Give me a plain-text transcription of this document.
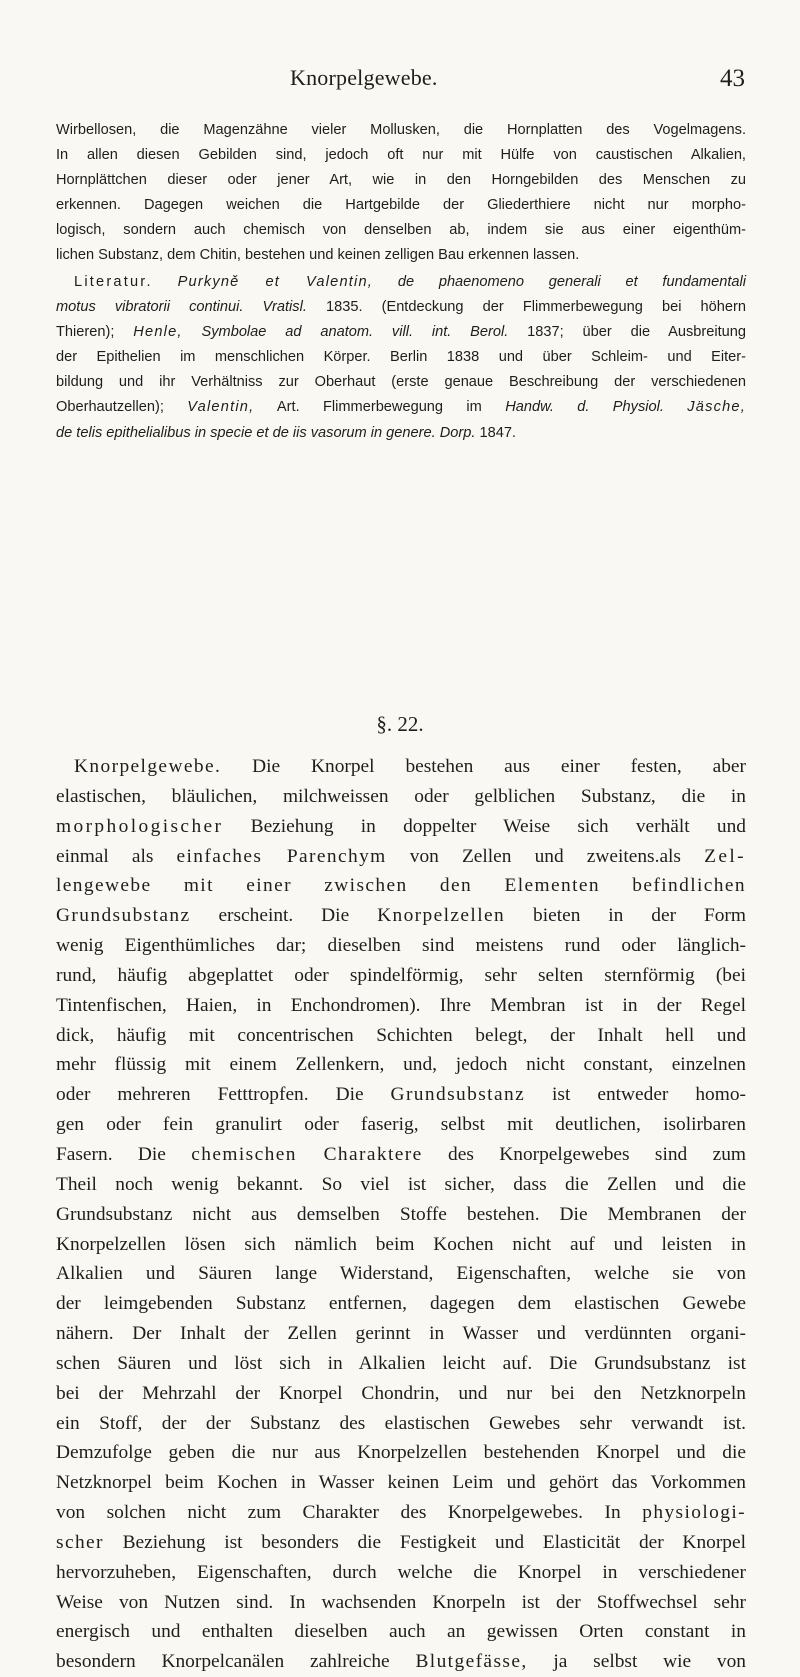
Knorpelgewebe.	43
Wirbellosen, die Magenzähne vieler Mollusken, die Hornplatten des Vogelmagens.
In allen diesen Gebilden sind, jedoch oft nur mit Hülfe von caustischen Alkalien,
Hornplättchen dieser oder jener Art, wie in den Horngebilden des Menschen zu
erkennen. Dagegen weichen die Hartgebilde der Gliederthiere nicht nur morpho-
logisch, sondern auch chemisch von denselben ab, indem sie aus einer eigenthüm-
lichen Substanz, dem Chitin, bestehen und keinen zelligen Bau erkennen lassen.
Literatur. Purkyně et Valentin, de phaenomeno generali et fundamentali
motus vibratorii continui. Vratisl. 1835. (Entdeckung der Flimmerbewegung bei höhern
Thieren); Henle, Symbolae ad anatom. vill. int. Berol. 1837; über die Ausbreitung
der Epithelien im menschlichen Körper. Berlin 1838 und über Schleim- und Eiter-
bildung und ihr Verhältniss zur Oberhaut (erste genaue Beschreibung der verschiedenen
Oberhautzellen); Valentin, Art. Flimmerbewegung im Handw. d. Physiol. Jäsche,
de telis epithelialibus in specie et de iis vasorum in genere. Dorp. 1847.
§. 22.
Knorpelgewebe. Die Knorpel bestehen aus einer festen, aber
elastischen, bläulichen, milchweissen oder gelblichen Substanz, die in
morphologischer Beziehung in doppelter Weise sich verhält und
einmal als einfaches Parenchym von Zellen und zweitens.als Zel-
lengewebe mit einer zwischen den Elementen befindlichen
Grundsubstanz erscheint. Die Knorpelzellen bieten in der Form
wenig Eigenthümliches dar; dieselben sind meistens rund oder länglich-
rund, häufig abgeplattet oder spindelförmig, sehr selten sternförmig (bei
Tintenfischen, Haien, in Enchondromen). Ihre Membran ist in der Regel
dick, häufig mit concentrischen Schichten belegt, der Inhalt hell und
mehr flüssig mit einem Zellenkern, und, jedoch nicht constant, einzelnen
oder mehreren Fetttropfen. Die Grundsubstanz ist entweder homo-
gen oder fein granulirt oder faserig, selbst mit deutlichen, isolirbaren
Fasern. Die chemischen Charaktere des Knorpelgewebes sind zum
Theil noch wenig bekannt. So viel ist sicher, dass die Zellen und die
Grundsubstanz nicht aus demselben Stoffe bestehen. Die Membranen der
Knorpelzellen lösen sich nämlich beim Kochen nicht auf und leisten in
Alkalien und Säuren lange Widerstand, Eigenschaften, welche sie von
der leimgebenden Substanz entfernen, dagegen dem elastischen Gewebe
nähern. Der Inhalt der Zellen gerinnt in Wasser und verdünnten organi-
schen Säuren und löst sich in Alkalien leicht auf. Die Grundsubstanz ist
bei der Mehrzahl der Knorpel Chondrin, und nur bei den Netzknorpeln
ein Stoff, der der Substanz des elastischen Gewebes sehr verwandt ist.
Demzufolge geben die nur aus Knorpelzellen bestehenden Knorpel und die
Netzknorpel beim Kochen in Wasser keinen Leim und gehört das Vorkommen
von solchen nicht zum Charakter des Knorpelgewebes. In physiologi-
scher Beziehung ist besonders die Festigkeit und Elasticität der Knorpel
hervorzuheben, Eigenschaften, durch welche die Knorpel in verschiedener
Weise von Nutzen sind. In wachsenden Knorpeln ist der Stoffwechsel sehr
energisch und enthalten dieselben auch an gewissen Orten constant in
besondern Knorpelcanälen zahlreiche Blutgefässe, ja selbst wie von
